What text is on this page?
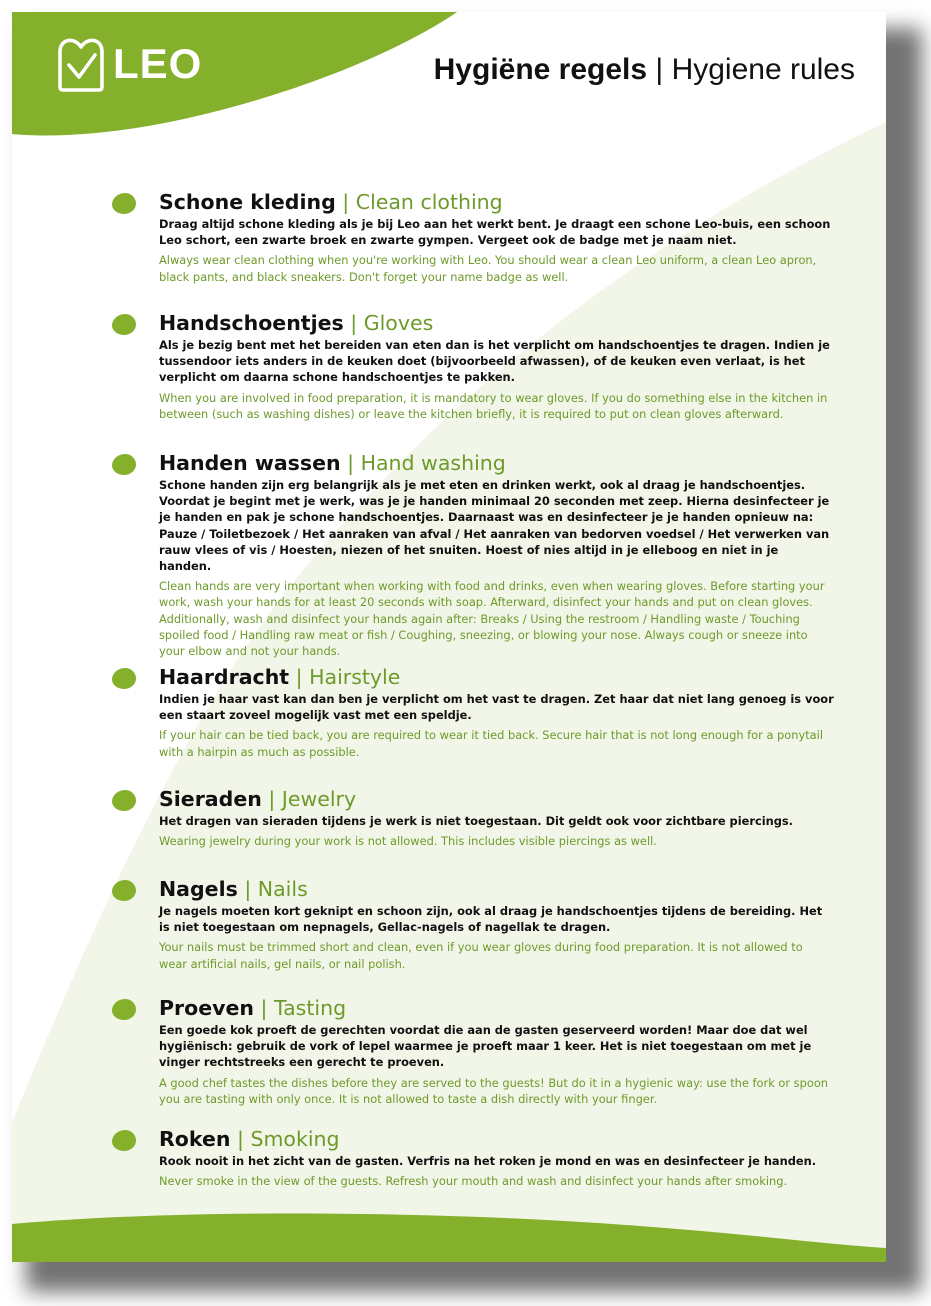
LEO	Hygiëne regels | Hygiene rules
Schone kleding | Clean clothing
Draag altijd schone kleding als je bij Leo aan het werkt bent. Je draagt een schone Leo-buis, een schoon Leo schort, een zwarte broek en zwarte gympen. Vergeet ook de badge met je naam niet.
Always wear clean clothing when you're working with Leo. You should wear a clean Leo uniform, a clean Leo apron, black pants, and black sneakers. Don't forget your name badge as well.
Handschoentjes | Gloves
Als je bezig bent met het bereiden van eten dan is het verplicht om handschoentjes te dragen. Indien je tussendoor iets anders in de keuken doet (bijvoorbeeld afwassen), of de keuken even verlaat, is het verplicht om daarna schone handschoentjes te pakken.
When you are involved in food preparation, it is mandatory to wear gloves. If you do something else in the kitchen in between (such as washing dishes) or leave the kitchen briefly, it is required to put on clean gloves afterward.
Handen wassen | Hand washing
Schone handen zijn erg belangrijk als je met eten en drinken werkt, ook al draag je handschoentjes. Voordat je begint met je werk, was je je handen minimaal 20 seconden met zeep. Hierna desinfecteer je je handen en pak je schone handschoentjes. Daarnaast was en desinfecteer je je handen opnieuw na: Pauze / Toiletbezoek / Het aanraken van afval / Het aanraken van bedorven voedsel / Het verwerken van rauw vlees of vis / Hoesten, niezen of het snuiten. Hoest of nies altijd in je elleboog en niet in je handen.
Clean hands are very important when working with food and drinks, even when wearing gloves. Before starting your work, wash your hands for at least 20 seconds with soap. Afterward, disinfect your hands and put on clean gloves. Additionally, wash and disinfect your hands again after: Breaks / Using the restroom / Handling waste / Touching spoiled food / Handling raw meat or fish / Coughing, sneezing, or blowing your nose. Always cough or sneeze into your elbow and not your hands.
Haardracht | Hairstyle
Indien je haar vast kan dan ben je verplicht om het vast te dragen. Zet haar dat niet lang genoeg is voor een staart zoveel mogelijk vast met een speldje.
If your hair can be tied back, you are required to wear it tied back. Secure hair that is not long enough for a ponytail with a hairpin as much as possible.
Sieraden | Jewelry
Het dragen van sieraden tijdens je werk is niet toegestaan. Dit geldt ook voor zichtbare piercings.
Wearing jewelry during your work is not allowed. This includes visible piercings as well.
Nagels | Nails
Je nagels moeten kort geknipt en schoon zijn, ook al draag je handschoentjes tijdens de bereiding. Het is niet toegestaan om nepnagels, Gellac-nagels of nagellak te dragen.
Your nails must be trimmed short and clean, even if you wear gloves during food preparation. It is not allowed to wear artificial nails, gel nails, or nail polish.
Proeven | Tasting
Een goede kok proeft de gerechten voordat die aan de gasten geserveerd worden! Maar doe dat wel hygiënisch: gebruik de vork of lepel waarmee je proeft maar 1 keer. Het is niet toegestaan om met je vinger rechtstreeks een gerecht te proeven.
A good chef tastes the dishes before they are served to the guests! But do it in a hygienic way: use the fork or spoon you are tasting with only once. It is not allowed to taste a dish directly with your finger.
Roken | Smoking
Rook nooit in het zicht van de gasten. Verfris na het roken je mond en was en desinfecteer je handen.
Never smoke in the view of the guests. Refresh your mouth and wash and disinfect your hands after smoking.
